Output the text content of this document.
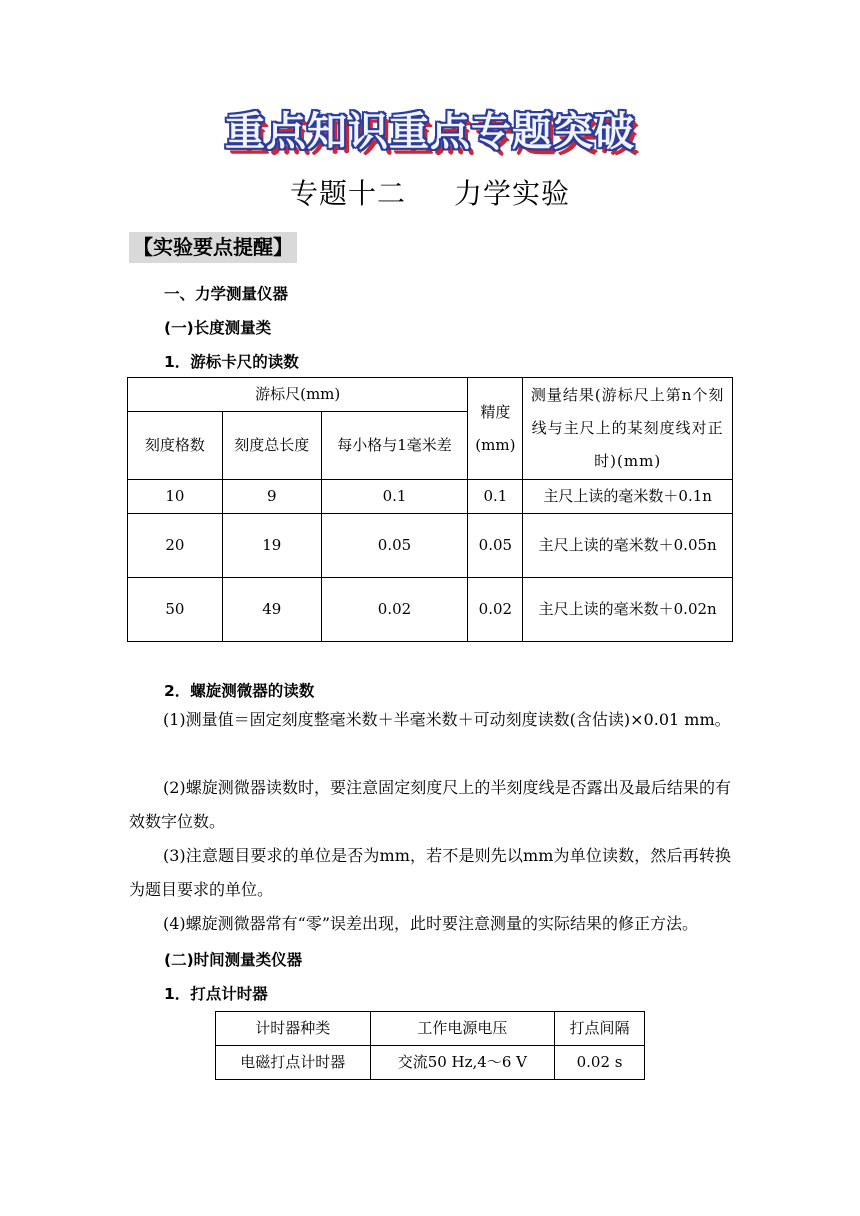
重点知识重点专题突破
专题十二 力学实验
【实验要点提醒】
一、力学测量仪器
(一)长度测量类
1．游标卡尺的读数
游标尺(mm)			精度(mm)	测量结果(游标尺上第n个刻线与主尺上的某刻度线对正时)(mm)
刻度格数	刻度总长度	每小格与1毫米差		
10	9	0.1	0.1	主尺上读的毫米数＋0.1n
20	19	0.05	0.05	主尺上读的毫米数＋0.05n
50	49	0.02	0.02	主尺上读的毫米数＋0.02n
2．螺旋测微器的读数
(1)测量值＝固定刻度整毫米数＋半毫米数＋可动刻度读数(含估读)×0.01 mm。
(2)螺旋测微器读数时，要注意固定刻度尺上的半刻度线是否露出及最后结果的有效数字位数。
(3)注意题目要求的单位是否为mm，若不是则先以mm为单位读数，然后再转换为题目要求的单位。
(4)螺旋测微器常有“零”误差出现，此时要注意测量的实际结果的修正方法。
(二)时间测量类仪器
1．打点计时器
计时器种类	工作电源电压	打点间隔
电磁打点计时器	交流50 Hz,4～6 V	0.02 s
